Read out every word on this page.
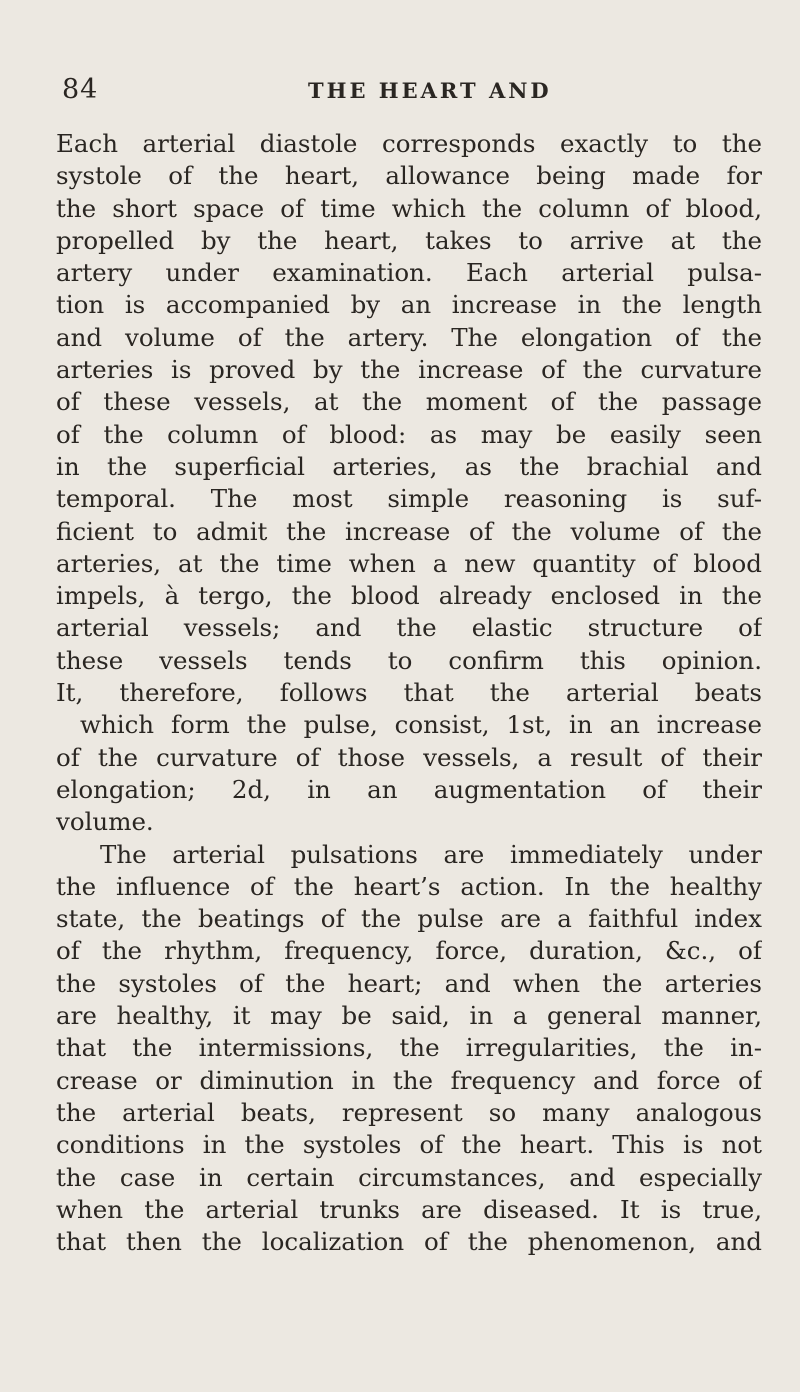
84	THE HEART AND
Each arterial diastole corresponds exactly to the
systole of the heart, allowance being made for
the short space of time which the column of blood,
propelled by the heart, takes to arrive at the
artery under examination. Each arterial pulsa-
tion is accompanied by an increase in the length
and volume of the artery. The elongation of the
arteries is proved by the increase of the curvature
of these vessels, at the moment of the passage
of the column of blood: as may be easily seen
in the superficial arteries, as the brachial and
temporal. The most simple reasoning is suf-
ficient to admit the increase of the volume of the
arteries, at the time when a new quantity of blood
impels, à tergo, the blood already enclosed in the
arterial vessels; and the elastic structure of
these vessels tends to confirm this opinion.
It, therefore, follows that the arterial beats
which form the pulse, consist, 1st, in an increase
of the curvature of those vessels, a result of their
elongation; 2d, in an augmentation of their
volume.
The arterial pulsations are immediately under
the influence of the heart’s action. In the healthy
state, the beatings of the pulse are a faithful index
of the rhythm, frequency, force, duration, &c., of
the systoles of the heart; and when the arteries
are healthy, it may be said, in a general manner,
that the intermissions, the irregularities, the in-
crease or diminution in the frequency and force of
the arterial beats, represent so many analogous
conditions in the systoles of the heart. This is not
the case in certain circumstances, and especially
when the arterial trunks are diseased. It is true,
that then the localization of the phenomenon, and
